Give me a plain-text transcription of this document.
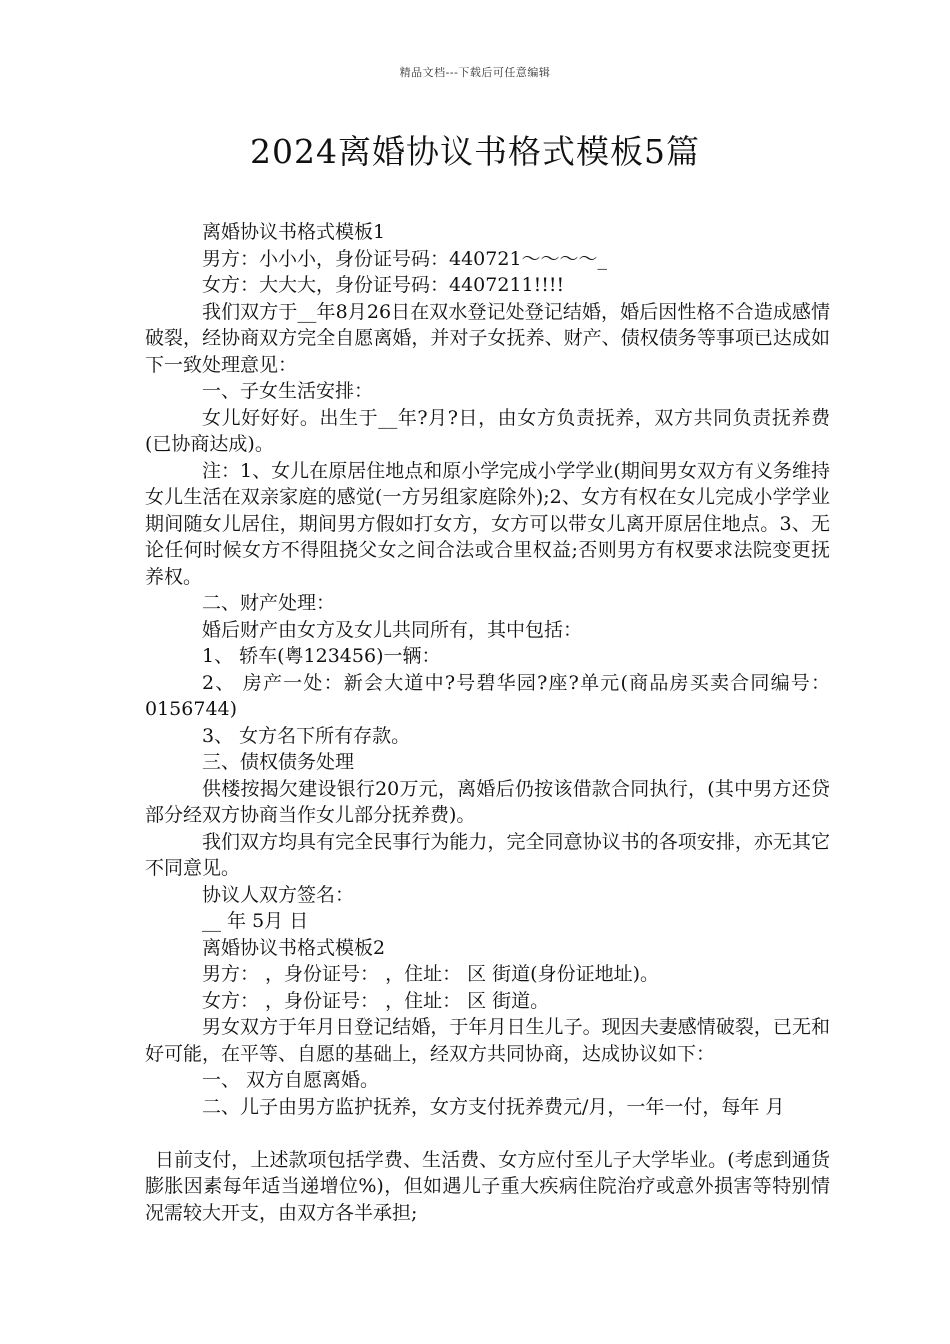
精品文档---下载后可任意编辑
2024离婚协议书格式模板5篇

离婚协议书格式模板1

男方：小小小，身份证号码：440721～～～～_

女方：大大大，身份证号码：4407211!!!!

我们双方于__年8月26日在双水登记处登记结婚，婚后因性格不合造成感情破裂，经协商双方完全自愿离婚，并对子女抚养、财产、债权债务等事项已达成如下一致处理意见：

一、子女生活安排：

女儿好好好。出生于__年?月?日，由女方负责抚养，双方共同负责抚养费(已协商达成)。

注：1、女儿在原居住地点和原小学完成小学学业(期间男女双方有义务维持女儿生活在双亲家庭的感觉(一方另组家庭除外);2、女方有权在女儿完成小学学业期间随女儿居住，期间男方假如打女方，女方可以带女儿离开原居住地点。3、无论任何时候女方不得阻挠父女之间合法或合里权益;否则男方有权要求法院变更抚养权。

二、财产处理：

婚后财产由女方及女儿共同所有，其中包括：

1、 轿车(粤123456)一辆：

2、 房产一处：新会大道中?号碧华园?座?单元(商品房买卖合同编号：0156744)

3、 女方名下所有存款。

三、债权债务处理

供楼按揭欠建设银行20万元，离婚后仍按该借款合同执行，(其中男方还贷部分经双方协商当作女儿部分抚养费)。

我们双方均具有完全民事行为能力，完全同意协议书的各项安排，亦无其它不同意见。

协议人双方签名：

__ 年 5月 日

离婚协议书格式模板2

男方： ，身份证号： ，住址： 区 街道(身份证地址)。

女方： ，身份证号： ，住址： 区 街道。

男女双方于年月日登记结婚，于年月日生儿子。现因夫妻感情破裂，已无和好可能，在平等、自愿的基础上，经双方共同协商，达成协议如下：

一、 双方自愿离婚。

二、儿子由男方监护抚养，女方支付抚养费元/月，一年一付，每年 月

日前支付，上述款项包括学费、生活费、女方应付至儿子大学毕业。(考虑到通货膨胀因素每年适当递增位%)，但如遇儿子重大疾病住院治疗或意外损害等特别情况需较大开支，由双方各半承担;
